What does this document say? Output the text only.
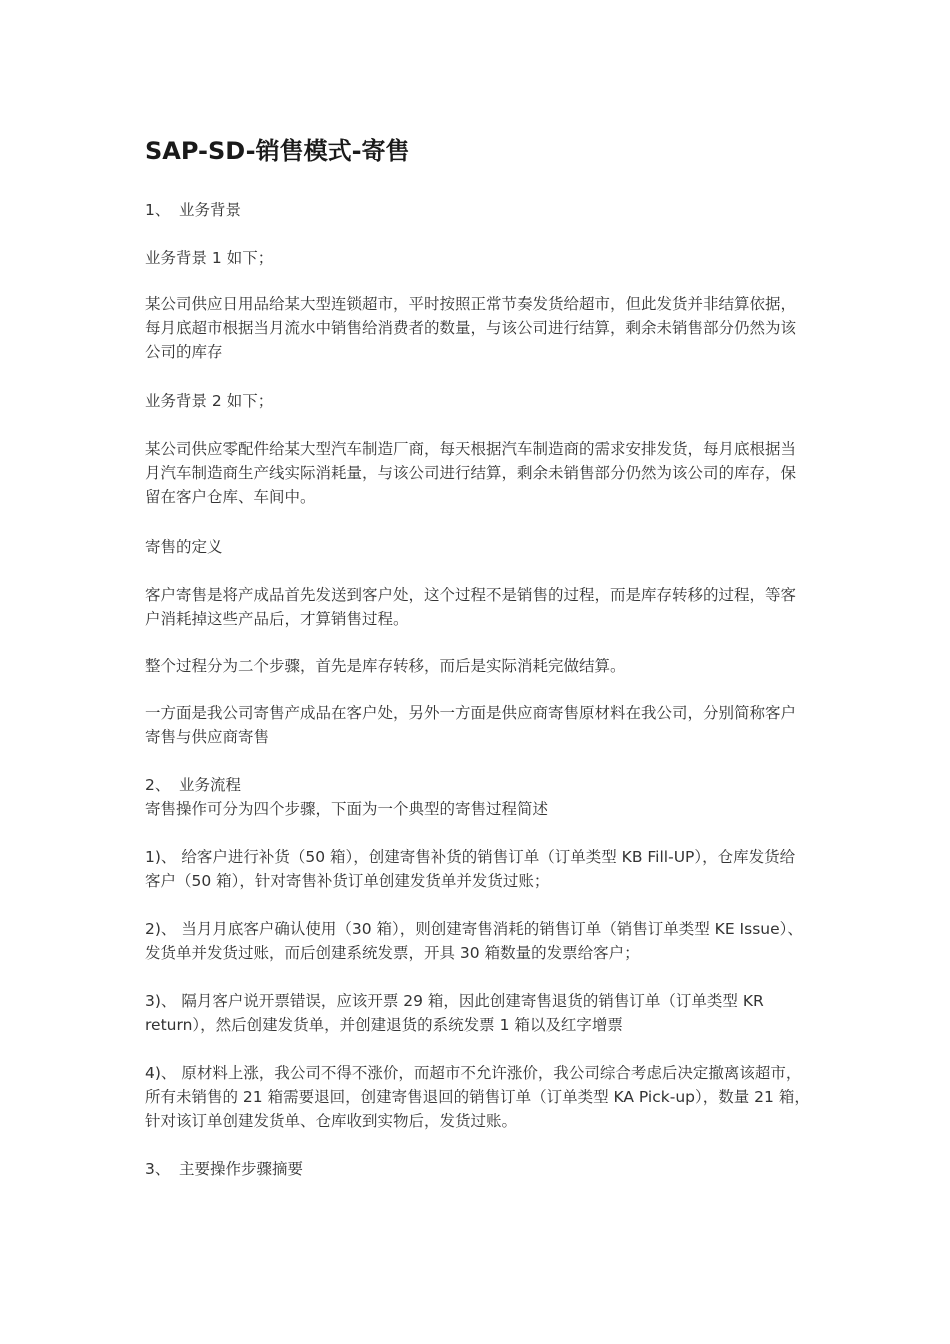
SAP-SD-销售模式-寄售

1、 业务背景

业务背景 1 如下；

某公司供应日用品给某大型连锁超市，平时按照正常节奏发货给超市，但此发货并非结算依据，每月底超市根据当月流水中销售给消费者的数量，与该公司进行结算，剩余未销售部分仍然为该公司的库存

业务背景 2 如下；

某公司供应零配件给某大型汽车制造厂商，每天根据汽车制造商的需求安排发货，每月底根据当月汽车制造商生产线实际消耗量，与该公司进行结算，剩余未销售部分仍然为该公司的库存，保留在客户仓库、车间中。

寄售的定义

客户寄售是将产成品首先发送到客户处，这个过程不是销售的过程，而是库存转移的过程，等客户消耗掉这些产品后，才算销售过程。

整个过程分为二个步骤，首先是库存转移，而后是实际消耗完做结算。

一方面是我公司寄售产成品在客户处，另外一方面是供应商寄售原材料在我公司，分别简称客户寄售与供应商寄售

2、 业务流程

寄售操作可分为四个步骤，下面为一个典型的寄售过程简述

1)、 给客户进行补货（50 箱），创建寄售补货的销售订单（订单类型 KB Fill-UP），仓库发货给客户（50 箱），针对寄售补货订单创建发货单并发货过账；

2)、 当月月底客户确认使用（30 箱），则创建寄售消耗的销售订单（销售订单类型 KE Issue）、发货单并发货过账，而后创建系统发票，开具 30 箱数量的发票给客户；

3)、 隔月客户说开票错误，应该开票 29 箱，因此创建寄售退货的销售订单（订单类型 KR return），然后创建发货单，并创建退货的系统发票 1 箱以及红字增票

4)、 原材料上涨，我公司不得不涨价，而超市不允许涨价，我公司综合考虑后决定撤离该超市，所有未销售的 21 箱需要退回，创建寄售退回的销售订单（订单类型 KA Pick-up），数量 21 箱，针对该订单创建发货单、仓库收到实物后，发货过账。

3、 主要操作步骤摘要
